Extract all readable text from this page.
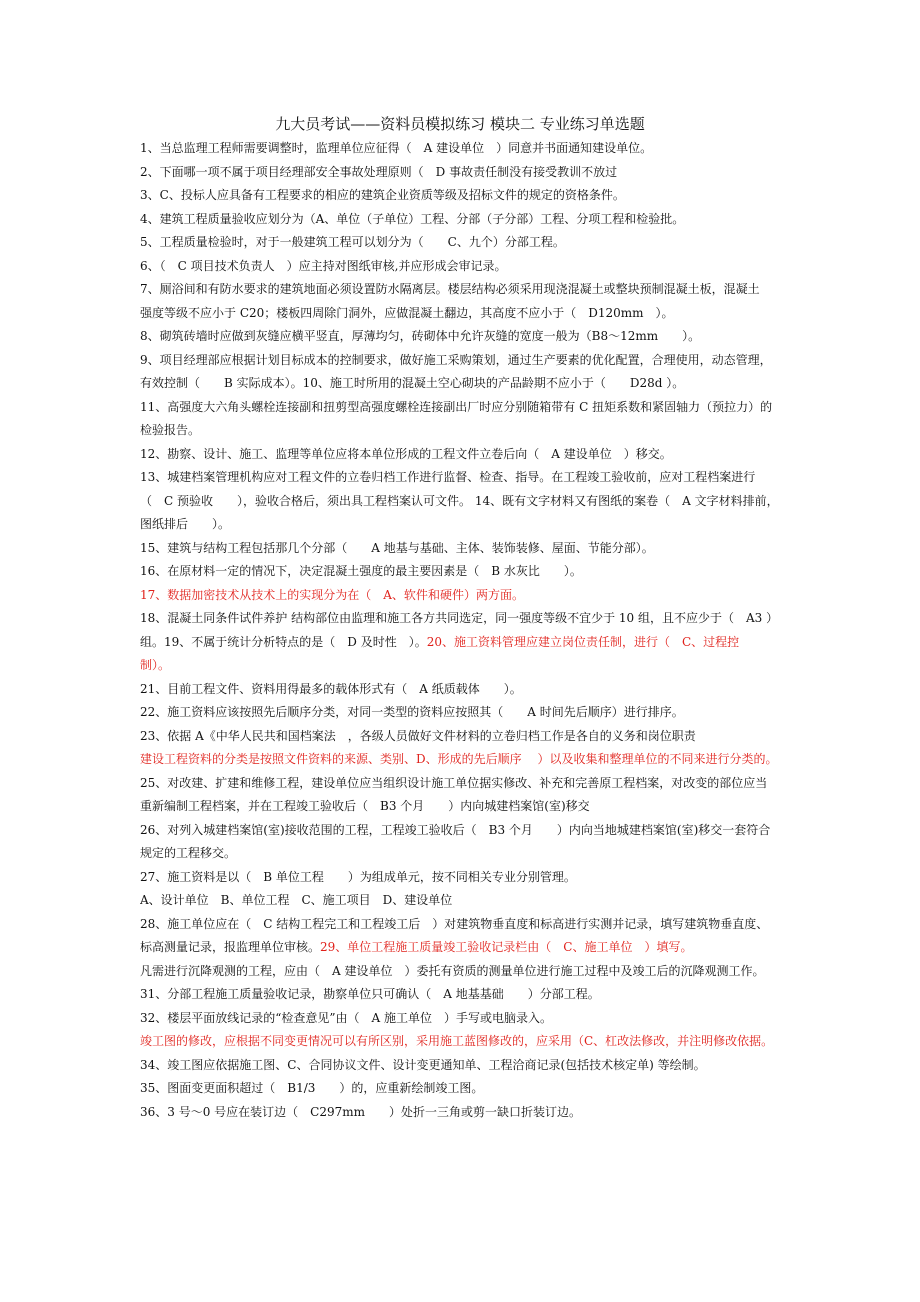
九大员考试——资料员模拟练习 模块二 专业练习单选题
1、当总监理工程师需要调整时，监理单位应征得（　A 建设单位　）同意并书面通知建设单位。
2、下面哪一项不属于项目经理部安全事故处理原则（　D 事故责任制没有接受教训不放过
3、C、投标人应具备有工程要求的相应的建筑企业资质等级及招标文件的规定的资格条件。
4、建筑工程质量验收应划分为（A、单位（子单位）工程、分部（子分部）工程、分项工程和检验批。
5、工程质量检验时，对于一般建筑工程可以划分为（　　C、九个）分部工程。
6、（　C 项目技术负责人　）应主持对图纸审核,并应形成会审记录。
7、厕浴间和有防水要求的建筑地面必须设置防水隔离层。楼层结构必须采用现浇混凝土或整块预制混凝土板，混凝土
强度等级不应小于 C20；楼板四周除门洞外，应做混凝土翻边，其高度不应小于（　D120mm　）。
8、砌筑砖墙时应做到灰缝应横平竖直，厚薄均匀，砖砌体中允许灰缝的宽度一般为（B8～12mm　　）。
9、项目经理部应根据计划目标成本的控制要求，做好施工采购策划，通过生产要素的优化配置，合理使用，动态管理，
有效控制（　　B 实际成本）。10、施工时所用的混凝土空心砌块的产品龄期不应小于（　　D28d ）。
11、高强度大六角头螺栓连接副和扭剪型高强度螺栓连接副出厂时应分别随箱带有 C 扭矩系数和紧固轴力（预拉力）的
检验报告。
12、勘察、设计、施工、监理等单位应将本单位形成的工程文件立卷后向（　A 建设单位　）移交。
13、城建档案管理机构应对工程文件的立卷归档工作进行监督、检查、指导。在工程竣工验收前，应对工程档案进行
（　C 预验收　　），验收合格后，须出具工程档案认可文件。 14、既有文字材料又有图纸的案卷（　A 文字材料排前，
图纸排后　　）。
15、建筑与结构工程包括那几个分部（　　A 地基与基础、主体、装饰装修、屋面、节能分部）。
16、在原材料一定的情况下，决定混凝土强度的最主要因素是（　B 水灰比　　）。
17、数据加密技术从技术上的实现分为在（　A、软件和硬件）两方面。
18、混凝土同条件试件养护 结构部位由监理和施工各方共同选定，同一强度等级不宜少于 10 组，且不应少于（　A3 ）
组。19、不属于统计分析特点的是（　D 及时性　）。20、施工资料管理应建立岗位责任制，进行（　C、过程控
制）。
21、目前工程文件、资料用得最多的载体形式有（　A 纸质载体　　）。
22、施工资料应该按照先后顺序分类，对同一类型的资料应按照其（　　A 时间先后顺序）进行排序。
23、依据 A《中华人民共和国档案法　，各级人员做好文件材料的立卷归档工作是各自的义务和岗位职责
建设工程资料的分类是按照文件资料的来源、类别、D、形成的先后顺序　 ）以及收集和整理单位的不同来进行分类的。
25、对改建、扩建和维修工程，建设单位应当组织设计施工单位据实修改、补充和完善原工程档案，对改变的部位应当
重新编制工程档案，并在工程竣工验收后（　B3 个月　　）内向城建档案馆(室)移交
26、对列入城建档案馆(室)接收范围的工程，工程竣工验收后（　B3 个月　　）内向当地城建档案馆(室)移交一套符合
规定的工程移交。
27、施工资料是以（　B 单位工程　　）为组成单元，按不同相关专业分别管理。
A、设计单位　B、单位工程　C、施工项目　D、建设单位
28、施工单位应在（　C 结构工程完工和工程竣工后　）对建筑物垂直度和标高进行实测并记录，填写建筑物垂直度、
标高测量记录，报监理单位审核。29、单位工程施工质量竣工验收记录栏由（　C、施工单位　）填写。
凡需进行沉降观测的工程，应由（　A 建设单位　）委托有资质的测量单位进行施工过程中及竣工后的沉降观测工作。
31、分部工程施工质量验收记录，勘察单位只可确认（　A 地基基础　　）分部工程。
32、楼层平面放线记录的“检查意见”由（　A 施工单位　）手写或电脑录入。
竣工图的修改，应根据不同变更情况可以有所区别，采用施工蓝图修改的，应采用（C、杠改法修改，并注明修改依据。
34、竣工图应依据施工图、C、合同协议文件、设计变更通知单、工程洽商记录(包括技术核定单) 等绘制。
35、图面变更面积超过（　B1/3　　）的，应重新绘制竣工图。
36、3 号～0 号应在装订边（　C297mm　　）处折一三角或剪一缺口折装订边。
